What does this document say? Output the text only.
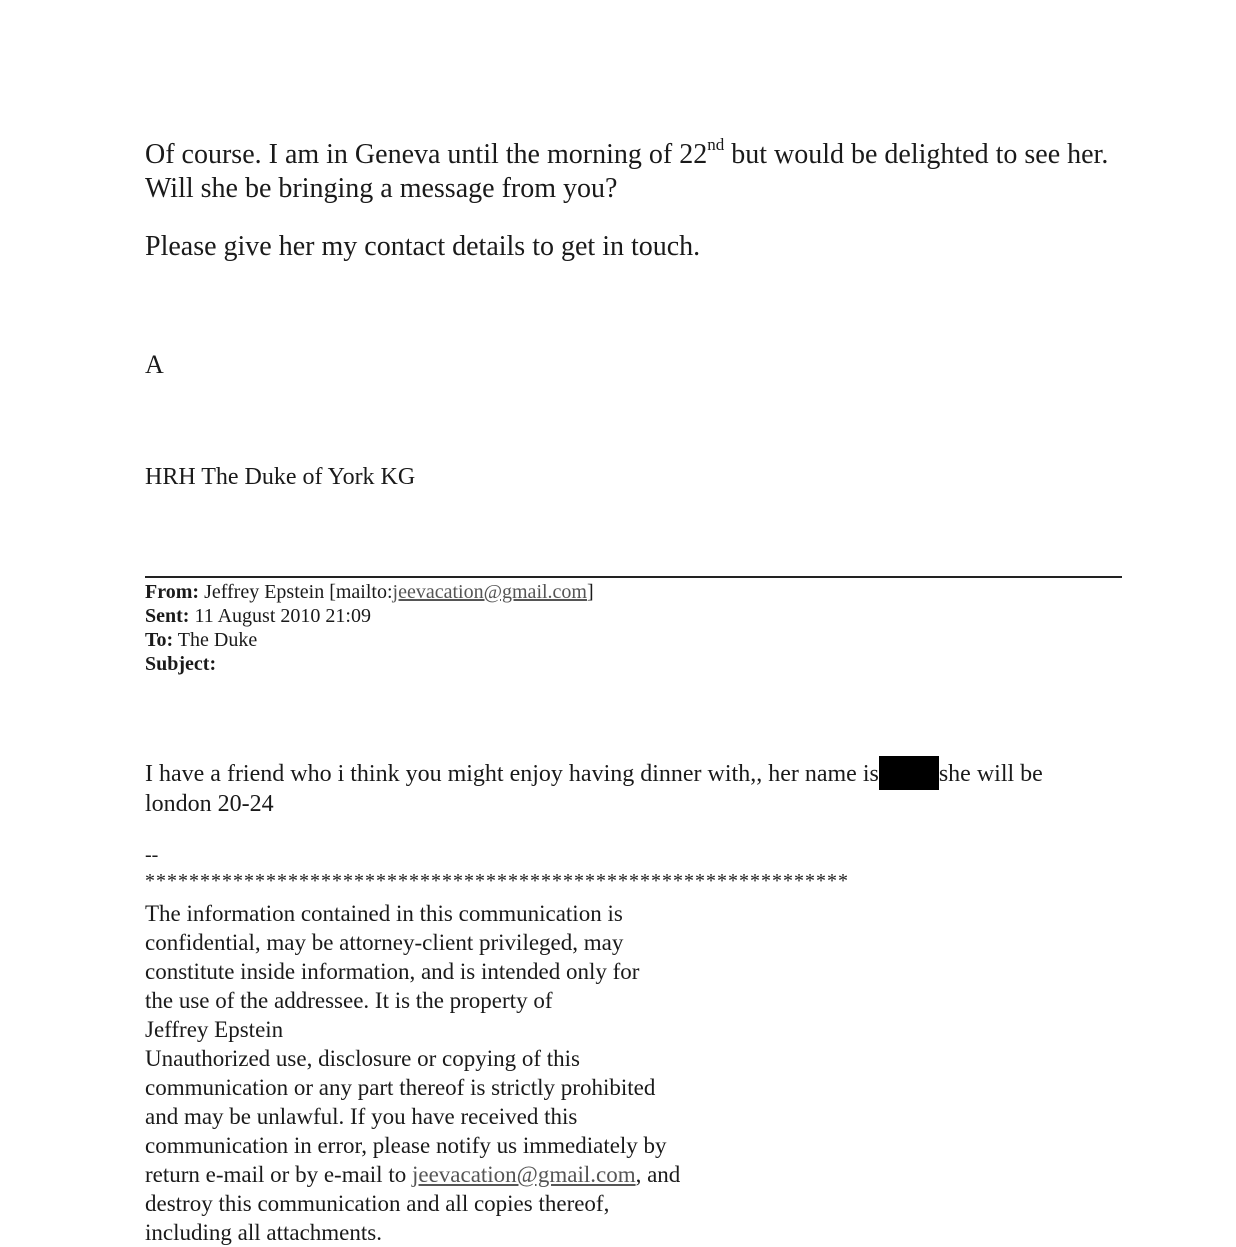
Of course. I am in Geneva until the morning of 22nd but would be delighted to see her. Will she be bringing a message from you?

Please give her my contact details to get in touch.

A
HRH The Duke of York KG
From: Jeffrey Epstein [mailto:jeevacation@gmail.com]
Sent: 11 August 2010 21:09
To: The Duke
Subject:
I have a friend who i think you might enjoy having dinner with,, her name is	she will be
london 20-24
--
****************************************************************
The information contained in this communication is
confidential, may be attorney-client privileged, may
constitute inside information, and is intended only for
the use of the addressee. It is the property of
Jeffrey Epstein
Unauthorized use, disclosure or copying of this
communication or any part thereof is strictly prohibited
and may be unlawful. If you have received this
communication in error, please notify us immediately by
return e-mail or by e-mail to jeevacation@gmail.com, and
destroy this communication and all copies thereof,
including all attachments.
